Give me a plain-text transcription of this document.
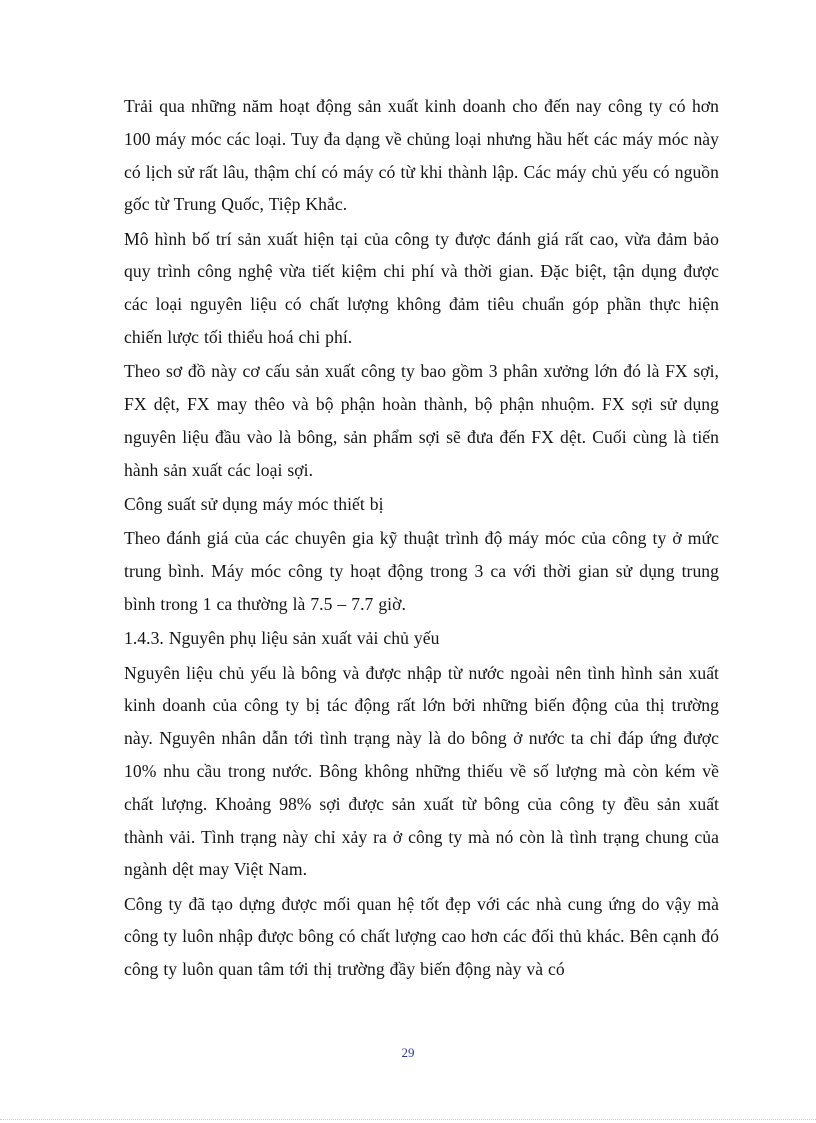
Trải qua những năm hoạt động sản xuất kinh doanh cho đến nay công ty có hơn 100 máy móc các loại. Tuy đa dạng về chủng loại nhưng hầu hết các máy móc này có lịch sử rất lâu, thậm chí có máy có từ khi thành lập. Các máy chủ yếu có nguồn gốc từ Trung Quốc, Tiệp Khắc.

Mô hình bố trí sản xuất hiện tại của công ty được đánh giá rất cao, vừa đảm bảo quy trình công nghệ vừa tiết kiệm chi phí và thời gian. Đặc biệt, tận dụng được các loại nguyên liệu có chất lượng không đảm tiêu chuẩn góp phần thực hiện chiến lược tối thiểu hoá chi phí.

Theo sơ đồ này cơ cấu sản xuất công ty bao gồm 3 phân xưởng lớn đó là FX sợi, FX dệt, FX may thêo và bộ phận hoàn thành, bộ phận nhuộm. FX sợi sử dụng nguyên liệu đầu vào là bông, sản phẩm sợi sẽ đưa đến FX dệt. Cuối cùng là tiến hành sản xuất các loại sợi.

Công suất sử dụng máy móc thiết bị

Theo đánh giá của các chuyên gia kỹ thuật trình độ máy móc của công ty ở mức trung bình. Máy móc công ty hoạt động trong 3 ca với thời gian sử dụng trung bình trong 1 ca thường là 7.5 – 7.7 giờ.

1.4.3. Nguyên phụ liệu sản xuất vải chủ yếu

Nguyên liệu chủ yếu là bông và được nhập từ nước ngoài nên tình hình sản xuất kinh doanh của công ty bị tác động rất lớn bởi những biến động của thị trường này. Nguyên nhân dẫn tới tình trạng này là do bông ở nước ta chỉ đáp ứng được 10% nhu cầu trong nước. Bông không những thiếu về số lượng mà còn kém về chất lượng. Khoảng 98% sợi được sản xuất từ bông của công ty đều sản xuất thành vải. Tình trạng này chỉ xảy ra ở công ty mà nó còn là tình trạng chung của ngành dệt may Việt Nam.

Công ty đã tạo dựng được mối quan hệ tốt đẹp với các nhà cung ứng do vậy mà công ty luôn nhập được bông có chất lượng cao hơn các đối thủ khác. Bên cạnh đó công ty luôn quan tâm tới thị trường đầy biến động này và có

29
